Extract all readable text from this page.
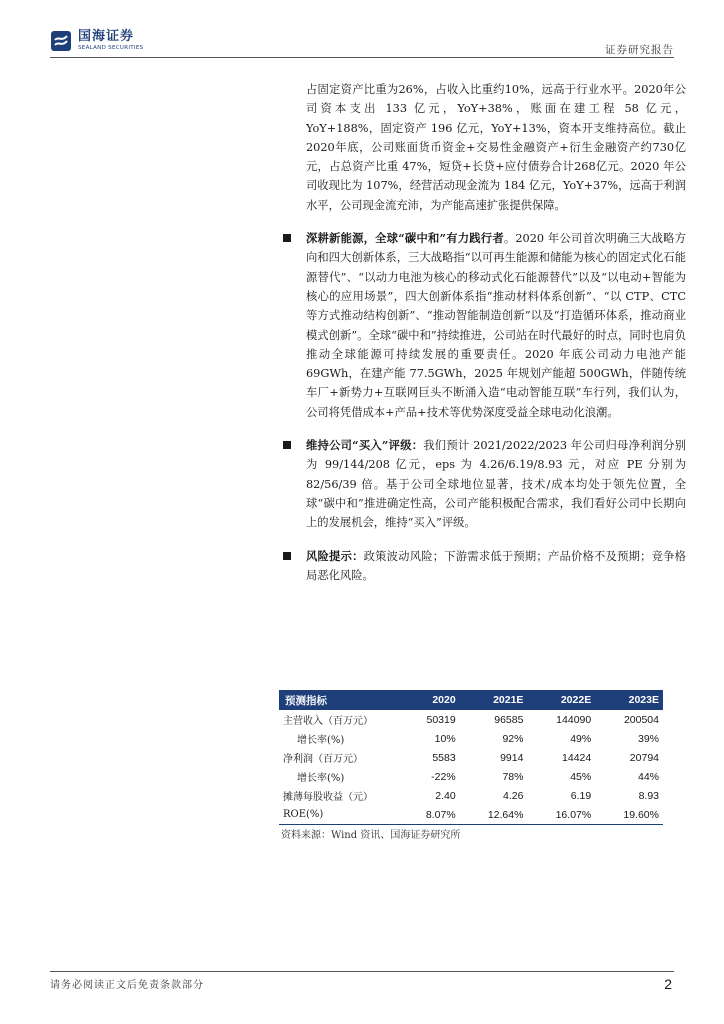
国海证券
SEALAND SECURITIES	证券研究报告

占固定资产比重为26%，占收入比重约10%，远高于行业水平。2020年公司资本支出 133 亿元，YoY+38%，账面在建工程 58 亿元，YoY+188%，固定资产 196 亿元，YoY+13%，资本开支维持高位。截止2020年底，公司账面货币资金+交易性金融资产+衍生金融资产约730亿元，占总资产比重 47%，短贷+长贷+应付债券合计268亿元。2020 年公司收现比为 107%，经营活动现金流为 184 亿元，YoY+37%，远高于利润水平，公司现金流充沛，为产能高速扩张提供保障。

深耕新能源，全球“碳中和”有力践行者。2020 年公司首次明确三大战略方向和四大创新体系，三大战略指“以可再生能源和储能为核心的固定式化石能源替代”、“以动力电池为核心的移动式化石能源替代”以及“以电动+智能为核心的应用场景”，四大创新体系指“推动材料体系创新”、“以 CTP、CTC 等方式推动结构创新”、“推动智能制造创新”以及“打造循环体系，推动商业模式创新”。全球“碳中和”持续推进，公司站在时代最好的时点，同时也肩负推动全球能源可持续发展的重要责任。2020 年底公司动力电池产能 69GWh，在建产能 77.5GWh，2025 年规划产能超 500GWh，伴随传统车厂+新势力+互联网巨头不断涌入造“电动智能互联”车行列，我们认为，公司将凭借成本+产品+技术等优势深度受益全球电动化浪潮。

维持公司“买入”评级：我们预计 2021/2022/2023 年公司归母净利润分别为 99/144/208 亿元，eps 为 4.26/6.19/8.93 元，对应 PE 分别为 82/56/39 倍。基于公司全球地位显著，技术/成本均处于领先位置，全球“碳中和”推进确定性高，公司产能积极配合需求，我们看好公司中长期向上的发展机会，维持“买入”评级。

风险提示：政策波动风险；下游需求低于预期；产品价格不及预期；竞争格局恶化风险。

预测指标	2020	2021E	2022E	2023E
主营收入（百万元）	50319	96585	144090	200504
增长率(%)	10%	92%	49%	39%
净利润（百万元）	5583	9914	14424	20794
增长率(%)	-22%	78%	45%	44%
摊薄每股收益（元）	2.40	4.26	6.19	8.93
ROE(%)	8.07%	12.64%	16.07%	19.60%
资料来源：Wind 资讯、国海证券研究所
请务必阅读正文后免责条款部分	2
